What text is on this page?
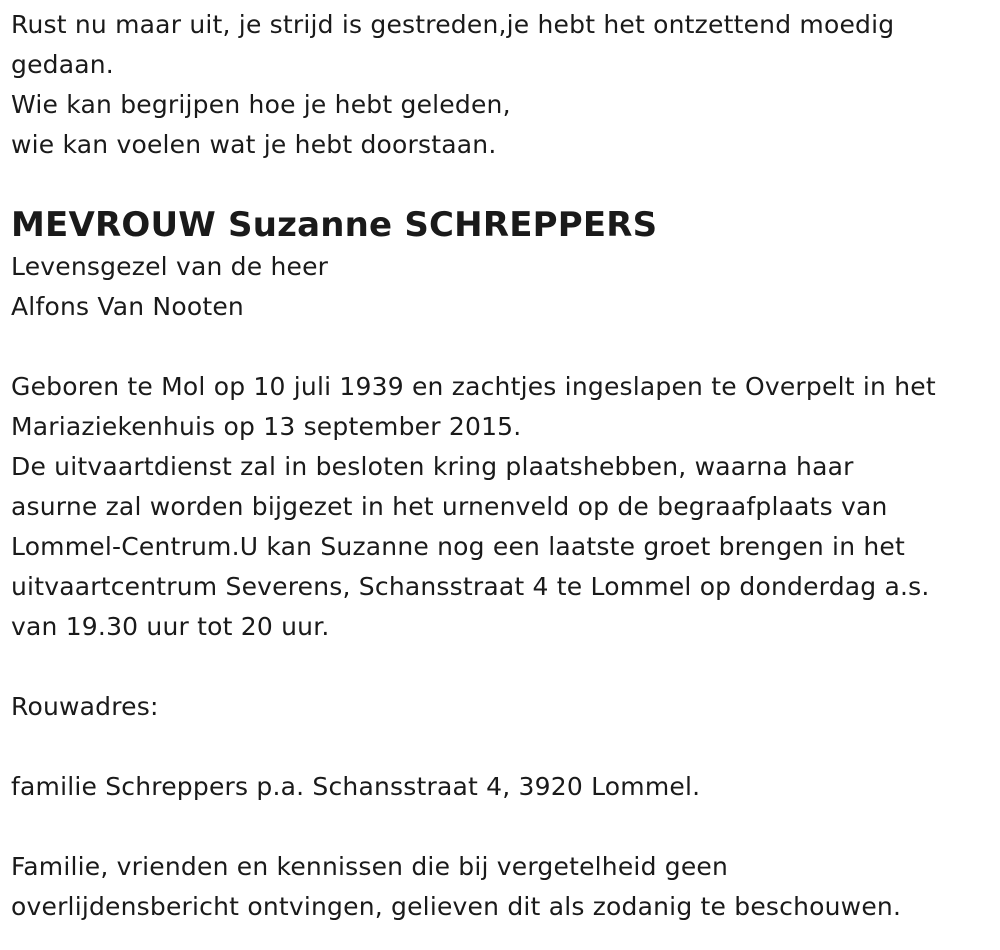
Rust nu maar uit, je strijd is gestreden,je hebt het ontzettend moedig
gedaan.
Wie kan begrijpen hoe je hebt geleden,
wie kan voelen wat je hebt doorstaan.
MEVROUW Suzanne SCHREPPERS
Levensgezel van de heer
Alfons Van Nooten
Geboren te Mol op 10 juli 1939 en zachtjes ingeslapen te Overpelt in het
Mariaziekenhuis op 13 september 2015.
De uitvaartdienst zal in besloten kring plaatshebben, waarna haar
asurne zal worden bijgezet in het urnenveld op de begraafplaats van
Lommel-Centrum.U kan Suzanne nog een laatste groet brengen in het
uitvaartcentrum Severens, Schansstraat 4 te Lommel op donderdag a.s.
van 19.30 uur tot 20 uur.
Rouwadres:
familie Schreppers p.a. Schansstraat 4, 3920 Lommel.
Familie, vrienden en kennissen die bij vergetelheid geen
overlijdensbericht ontvingen, gelieven dit als zodanig te beschouwen.
